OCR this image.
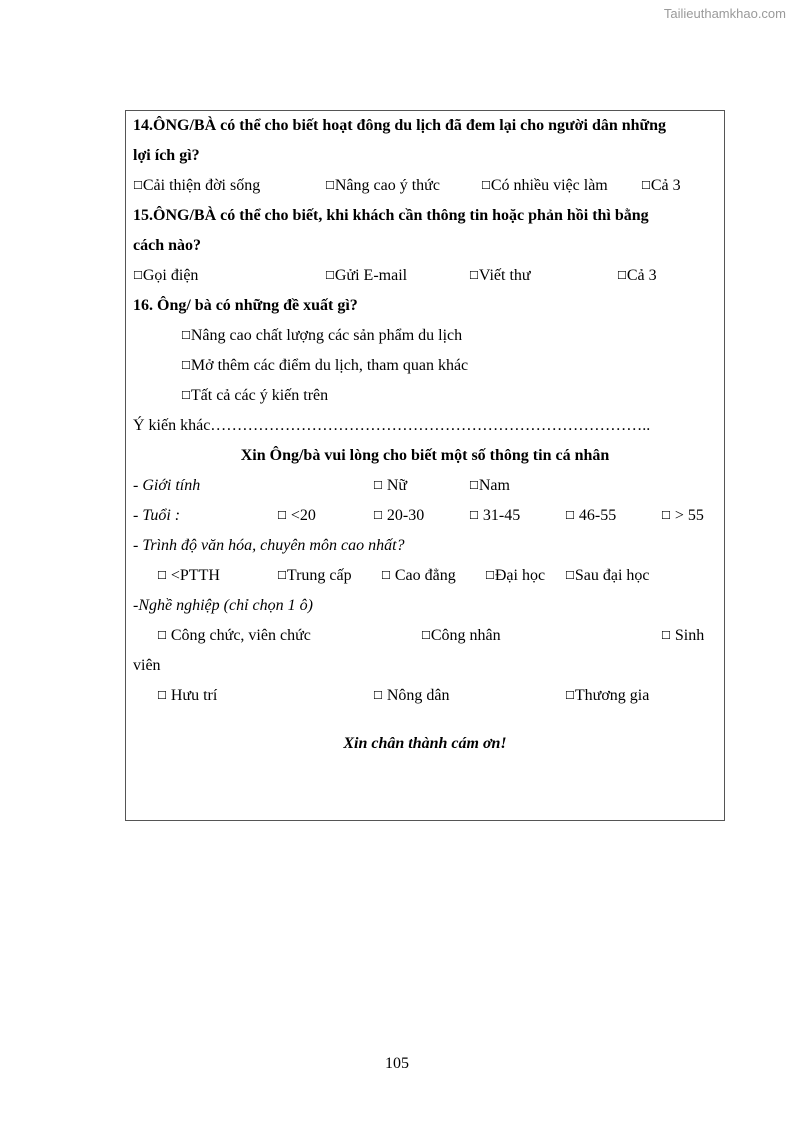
Tailieuthamkhao.com
14.ÔNG/BÀ có thể cho biết hoạt đông du lịch đã đem lại cho người dân những
lợi ích gì?
☐Cải thiện đời sống	☐Nâng cao ý thức	☐Có nhiều việc làm	☐Cả 3
15.ÔNG/BÀ có thể cho biết, khi khách cần thông tin hoặc phản hồi thì bằng
cách nào?
☐Gọi điện	☐Gửi E-mail	☐Viết thư	☐Cả 3
16. Ông/ bà có những đề xuất gì?
☐Nâng cao chất lượng các sản phẩm du lịch
☐Mở thêm các điểm du lịch, tham quan khác
☐Tất cả các ý kiến trên
Ý kiến khác………………………………………………………………………..
Xin Ông/bà vui lòng cho biết một số thông tin cá nhân
- Giới tính	☐ Nữ	☐Nam
- Tuổi :	☐ <20	☐ 20-30	☐ 31-45	☐ 46-55	☐ > 55
- Trình độ văn hóa, chuyên môn cao nhất?
☐ <PTTH	☐Trung cấp	☐ Cao đẳng	☐Đại học ☐Sau đại học
-Nghề nghiệp (chỉ chọn 1 ô)
☐ Công chức, viên chức	☐Công nhân	☐ Sinh
viên
☐ Hưu trí	☐ Nông dân	☐Thương gia
Xin chân thành cám ơn!
105
